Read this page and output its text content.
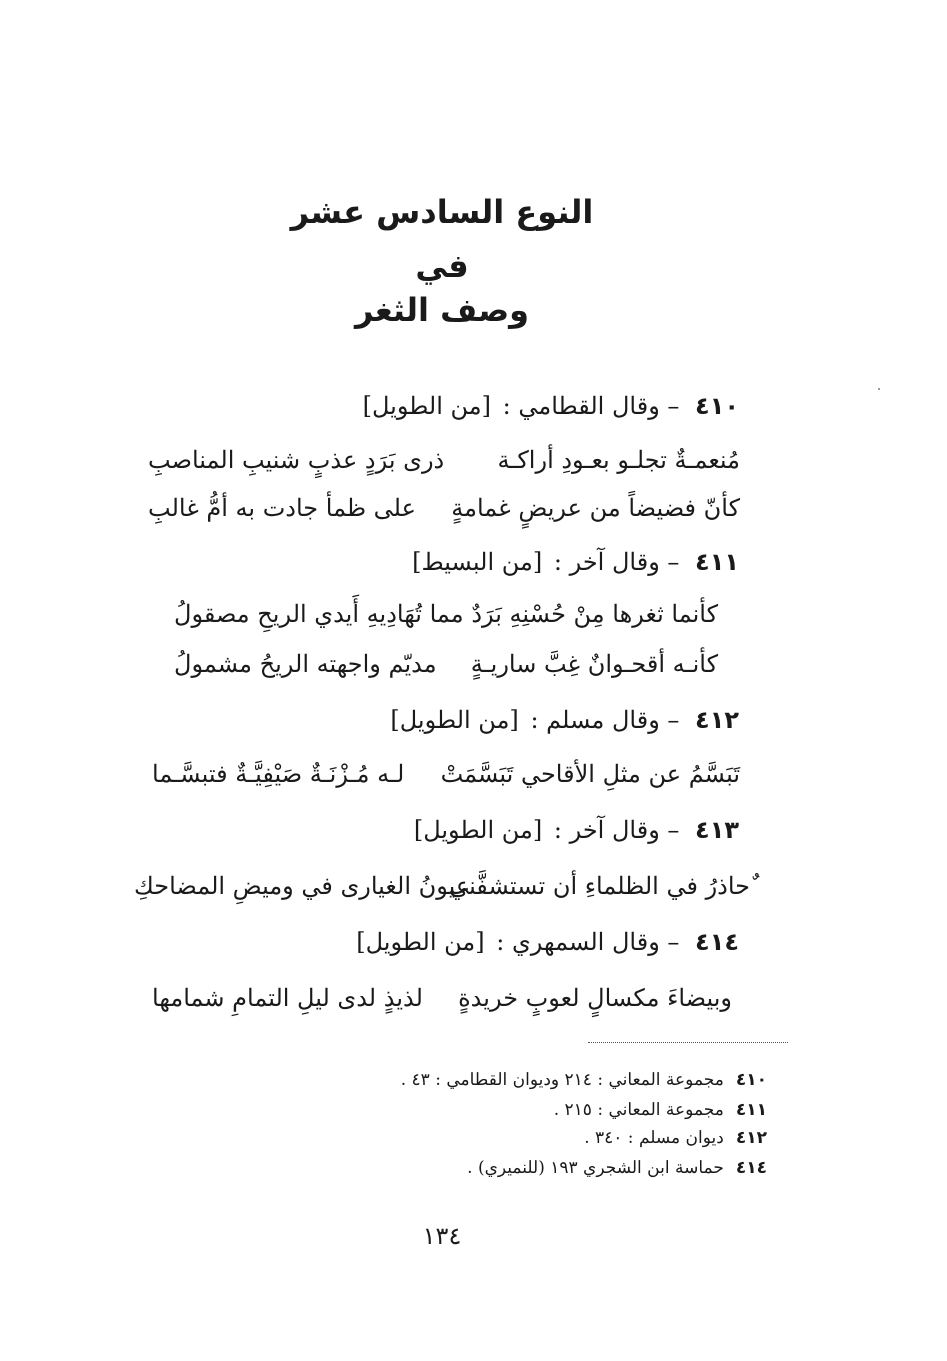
النوع السادس عشر
في
وصف الثغر
٤١٠ – وقال القطامي : [من الطويل]
مُنعمـةٌ تجلـو بعـودِ أراكـة
ذرى بَرَدٍ عذبٍ شنيبِ المناصبِ
كأنّ فضيضاً من عريضٍ غمامةٍ
على ظمأ جادت به أمُّ غالبِ
٤١١ – وقال آخر : [من البسيط]
كأنما ثغرها مِنْ حُسْنِهِ بَرَدٌ
مما تُهَادِيهِ أَيدي الريحِ مصقولُ
كأنـه أقحـوانٌ غِبَّ ساريـةٍ
مديّم واجهته الريحُ مشمولُ
٤١٢ – وقال مسلم : [من الطويل]
تَبَسَّمُ عن مثلِ الأقاحي تَبَسَّمَتْ
لـه مُـزْنَـةٌ صَيْفِيَّـةٌ فتبسَّـما
٤١٣ – وقال آخر : [من الطويل]
ٌحاذرُ في الظلماءِ أن تستشفَّني
عيونُ الغيارى في وميضِ المضاحكِ
٤١٤ – وقال السمهري : [من الطويل]
وبيضاءَ مكسالٍ لعوبٍ خريدةٍ
لذيذٍ لدى ليلِ التمامِ شمامها
٤١٠مجموعة المعاني : ٢١٤ وديوان القطامي : ٤٣ .
٤١١مجموعة المعاني : ٢١٥ .
٤١٢ديوان مسلم : ٣٤٠ .
٤١٤حماسة ابن الشجري ١٩٣ (للنميري) .
١٣٤
